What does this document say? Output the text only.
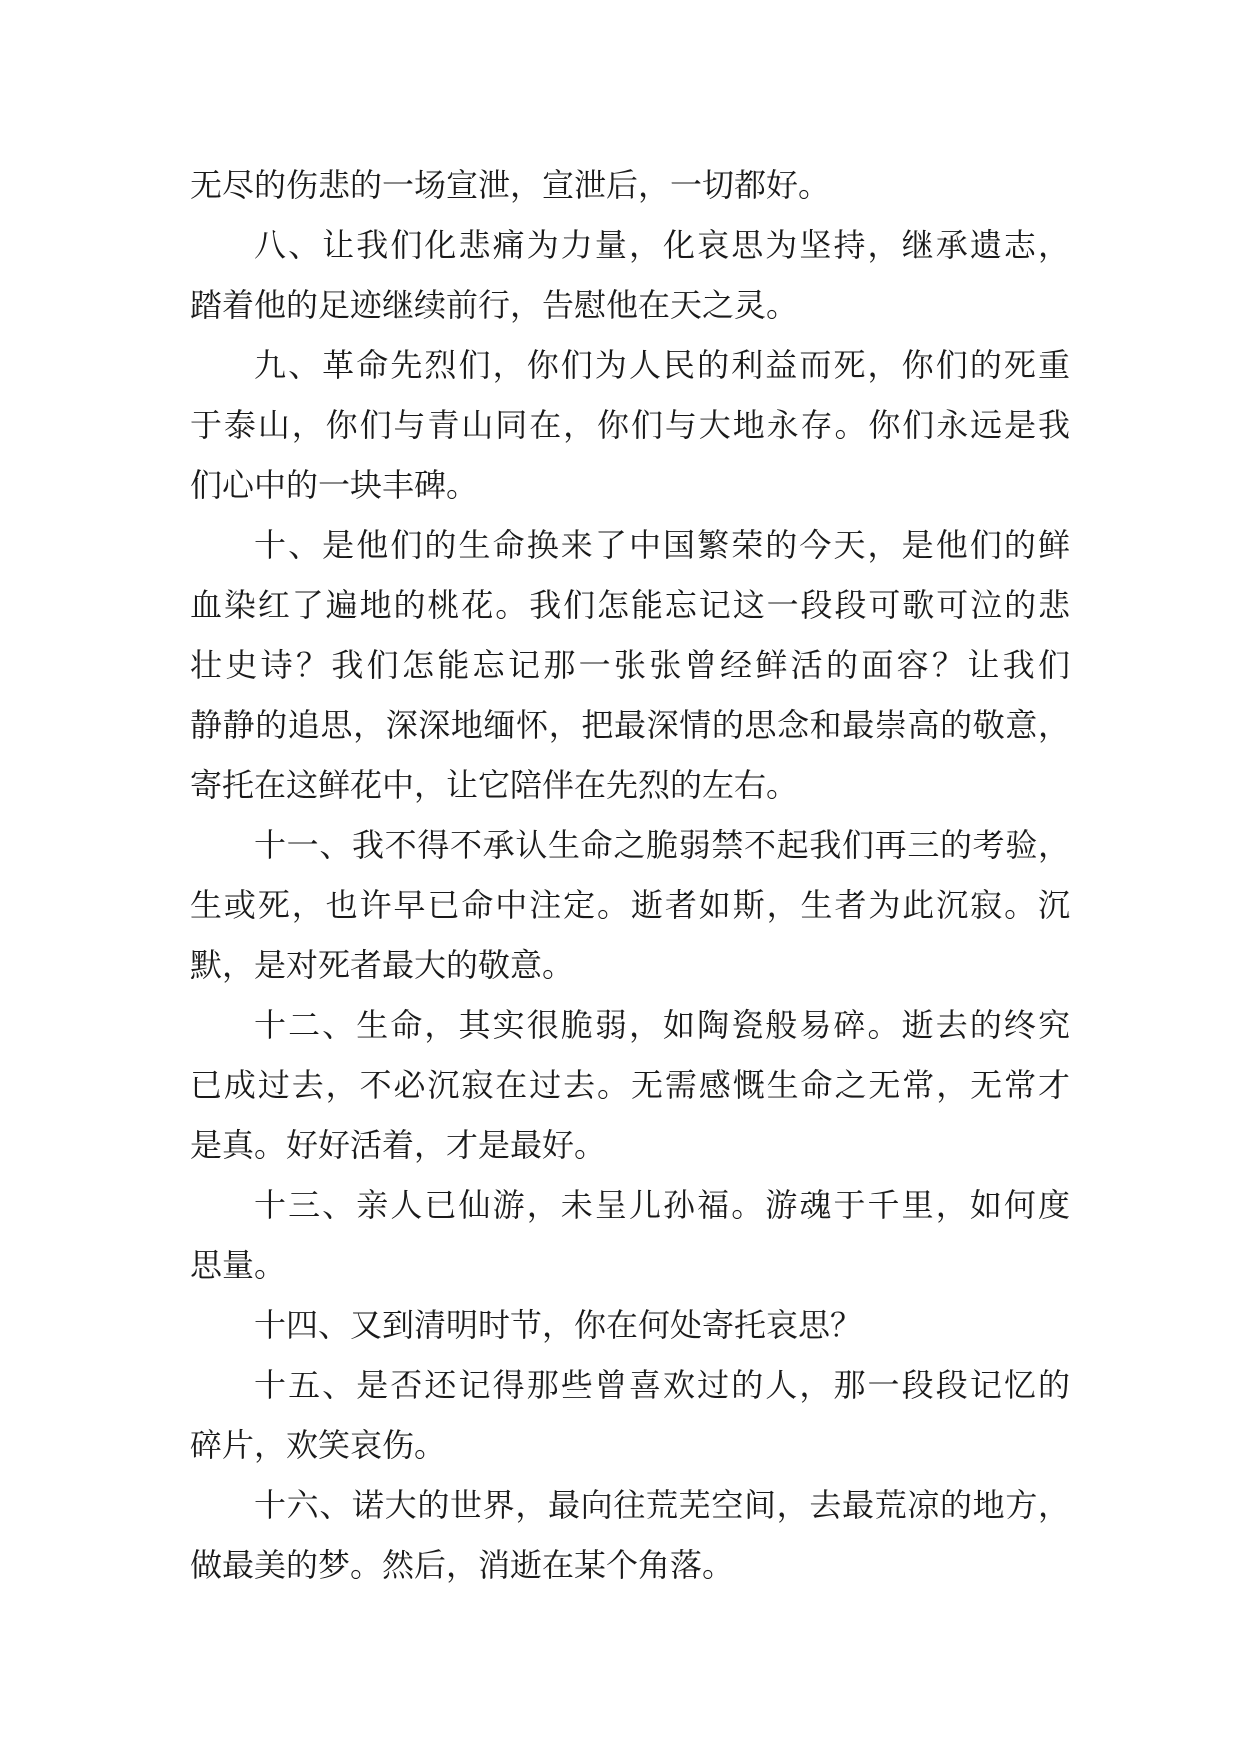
无尽的伤悲的一场宣泄，宣泄后，一切都好。
八、让我们化悲痛为力量，化哀思为坚持，继承遗志，
踏着他的足迹继续前行，告慰他在天之灵。
九、革命先烈们，你们为人民的利益而死，你们的死重
于泰山，你们与青山同在，你们与大地永存。你们永远是我
们心中的一块丰碑。
十、是他们的生命换来了中国繁荣的今天，是他们的鲜
血染红了遍地的桃花。我们怎能忘记这一段段可歌可泣的悲
壮史诗？我们怎能忘记那一张张曾经鲜活的面容？让我们
静静的追思，深深地缅怀，把最深情的思念和最崇高的敬意，
寄托在这鲜花中，让它陪伴在先烈的左右。
十一、我不得不承认生命之脆弱禁不起我们再三的考验，
生或死，也许早已命中注定。逝者如斯，生者为此沉寂。沉
默，是对死者最大的敬意。
十二、生命，其实很脆弱，如陶瓷般易碎。逝去的终究
已成过去，不必沉寂在过去。无需感慨生命之无常，无常才
是真。好好活着，才是最好。
十三、亲人已仙游，未呈儿孙福。游魂于千里，如何度
思量。
十四、又到清明时节，你在何处寄托哀思？
十五、是否还记得那些曾喜欢过的人，那一段段记忆的
碎片，欢笑哀伤。
十六、诺大的世界，最向往荒芜空间，去最荒凉的地方，
做最美的梦。然后，消逝在某个角落。
